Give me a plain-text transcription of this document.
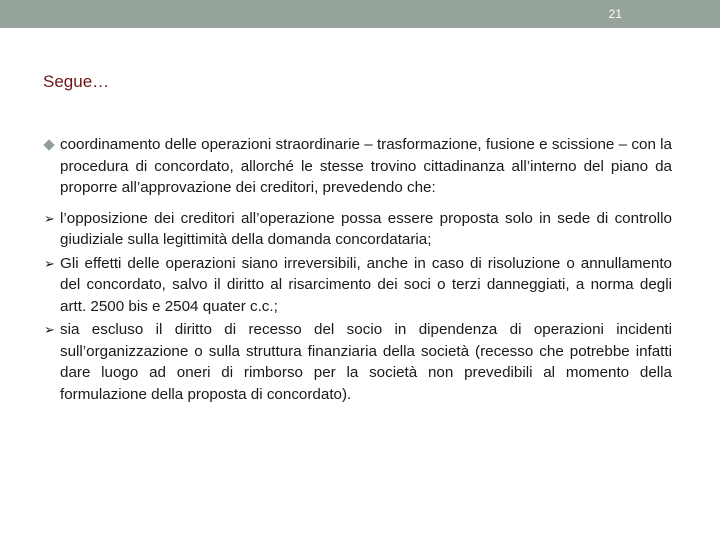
21
Segue…
coordinamento delle operazioni straordinarie – trasformazione, fusione e scissione – con la procedura di concordato, allorché le stesse trovino cittadinanza all’interno del piano da proporre all’approvazione dei creditori, prevedendo che:
➢ l’opposizione dei creditori all’operazione possa essere proposta solo in sede di controllo giudiziale sulla legittimità della domanda concordataria;
➢ Gli effetti delle operazioni siano irreversibili, anche in caso di risoluzione o annullamento del concordato, salvo il diritto al risarcimento dei soci o terzi danneggiati, a norma degli artt. 2500 bis e 2504 quater c.c.;
➢ sia escluso il diritto di recesso del socio in dipendenza di operazioni incidenti sull’organizzazione o sulla struttura finanziaria della società (recesso che potrebbe infatti dare luogo ad oneri di rimborso per la società non prevedibili al momento della formulazione della proposta di concordato).
